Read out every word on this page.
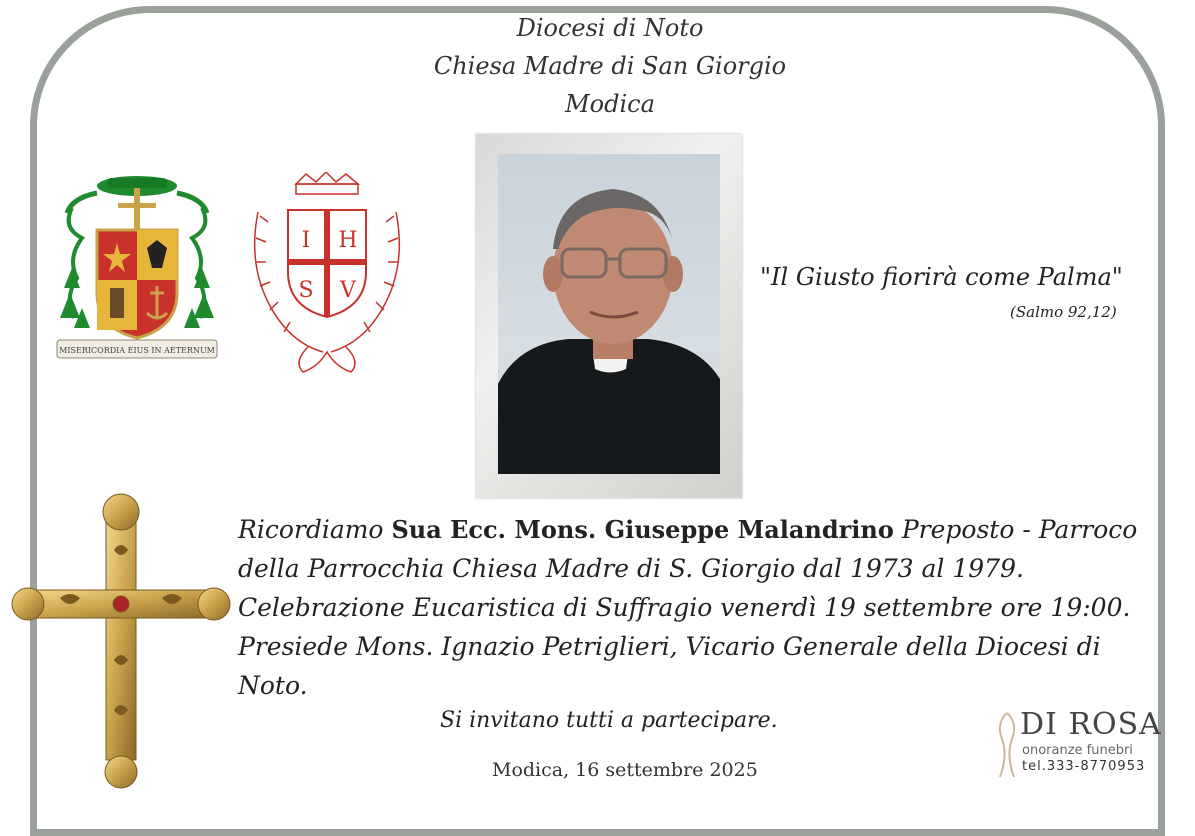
Diocesi di Noto
Chiesa Madre di San Giorgio
Modica
MISERICORDIA EIUS IN AETERNUM
I H
S V	"Il Giusto fiorirà come Palma"
(Salmo 92,12)
Ricordiamo Sua Ecc. Mons. Giuseppe Malandrino Preposto - Parroco della Parrocchia Chiesa Madre di S. Giorgio dal 1973 al 1979. Celebrazione Eucaristica di Suffragio venerdì 19 settembre ore 19:00. Presiede Mons. Ignazio Petriglieri, Vicario Generale della Diocesi di Noto.
Si invitano tutti a partecipare.
Modica, 16 settembre 2025
DI ROSA
onoranze funebri
tel.333-8770953
